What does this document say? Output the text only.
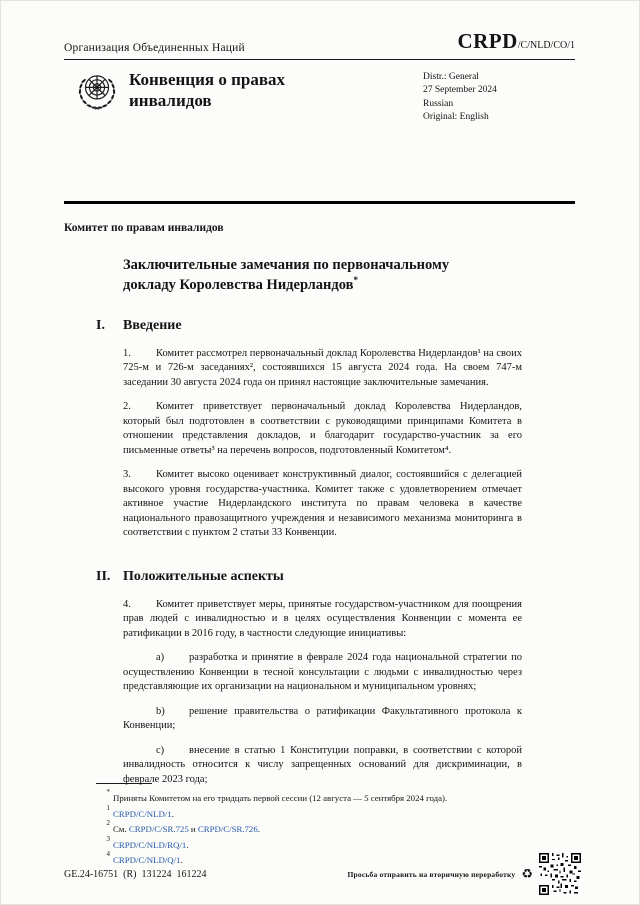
Организация Объединенных Наций	CRPD/C/NLD/CO/1
Конвенция о правах инвалидов
Distr.: General
27 September 2024
Russian
Original: English
Комитет по правам инвалидов
Заключительные замечания по первоначальному докладу Королевства Нидерландов*
I. Введение

1. Комитет рассмотрел первоначальный доклад Королевства Нидерландов¹ на своих 725-м и 726-м заседаниях², состоявшихся 15 августа 2024 года. На своем 747-м заседании 30 августа 2024 года он принял настоящие заключительные замечания.

2. Комитет приветствует первоначальный доклад Королевства Нидерландов, который был подготовлен в соответствии с руководящими принципами Комитета в отношении представления докладов, и благодарит государство-участник за его письменные ответы³ на перечень вопросов, подготовленный Комитетом⁴.

3. Комитет высоко оценивает конструктивный диалог, состоявшийся с делегацией высокого уровня государства-участника. Комитет также с удовлетворением отмечает активное участие Нидерландского института по правам человека в качестве национального правозащитного учреждения и независимого механизма мониторинга в соответствии с пунктом 2 статьи 33 Конвенции.

II. Положительные аспекты

4. Комитет приветствует меры, принятые государством-участником для поощрения прав людей с инвалидностью и в целях осуществления Конвенции с момента ее ратификации в 2016 году, в частности следующие инициативы:

a) разработка и принятие в феврале 2024 года национальной стратегии по осуществлению Конвенции в тесной консультации с людьми с инвалидностью через представляющие их организации на национальном и муниципальном уровнях;

b) решение правительства о ратификации Факультативного протокола к Конвенции;

c) внесение в статью 1 Конституции поправки, в соответствии с которой инвалидность относится к числу запрещенных оснований для дискриминации, в феврале 2023 года;

*Приняты Комитетом на его тридцать первой сессии (12 августа — 5 сентября 2024 года).
$^1$CRPD/C/NLD/1.
$^2$См. CRPD/C/SR.725 и CRPD/C/SR.726.
$^3$CRPD/C/NLD/RQ/1.
$^4$CRPD/C/NLD/Q/1.
GE.24-16751  (R)  131224  161224	Просьба отправить на вторичную переработку ♻
